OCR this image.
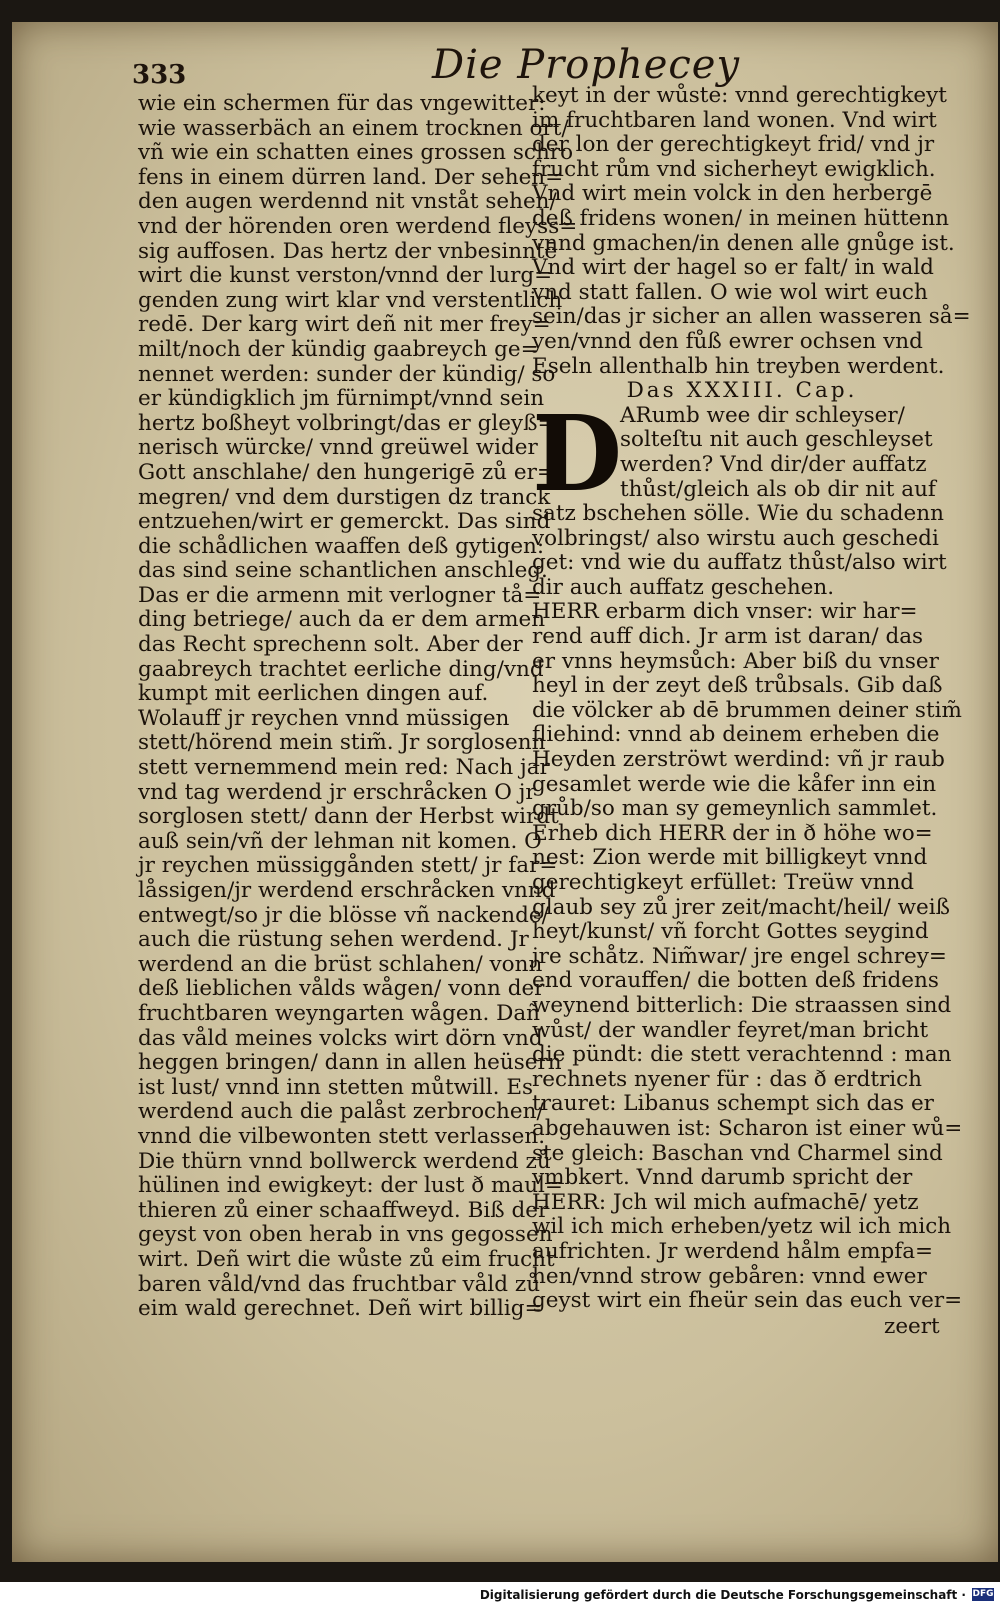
333	Die Prophecey
wie ein schermen für das vngewitter:
wie wasserbäch an einem trocknen ort/
vñ wie ein schatten eines grossen schro
fens in einem dürren land. Der sehen=
den augen werdennd nit vnståt sehen/
vnd der hörenden oren werdend fleyss=
sig auffosen. Das hertz der vnbesinntē
wirt die kunst verston/vnnd der lurg=
genden zung wirt klar vnd verstentlich
redē. Der karg wirt deñ nit mer frey=
milt/noch der kündig gaabreych ge=
nennet werden: sunder der kündig/ so
er kündigklich jm fürnimpt/vnnd sein
hertz boßheyt volbringt/das er gleyß=
nerisch würcke/ vnnd greüwel wider
Gott anschlahe/ den hungerigē zů er=
megren/ vnd dem durstigen dz tranck
entzuehen/wirt er gemerckt. Das sind
die schådlichen waaffen deß gytigen:
das sind seine schantlichen anschleg.
Das er die armenn mit verlogner tå=
ding betriege/ auch da er dem armen
das Recht sprechenn solt. Aber der
gaabreych trachtet eerliche ding/vnd
kumpt mit eerlichen dingen auf.
Wolauff jr reychen vnnd müssigen
stett/hörend mein stim̃. Jr sorglosenn
stett vernemmend mein red: Nach jar
vnd tag werdend jr erschråcken O jr
sorglosen stett/ dann der Herbst wirdt
auß sein/vñ der lehman nit komen. O
jr reychen müssiggånden stett/ jr far=
låssigen/jr werdend erschråcken vnnd
entwegt/so jr die blösse vñ nackende/
auch die rüstung sehen werdend. Jr
werdend an die brüst schlahen/ vonn
deß lieblichen vålds wågen/ vonn der
fruchtbaren weyngarten wågen. Dañ
das våld meines volcks wirt dörn vnd
heggen bringen/ dann in allen heüsern
ist lust/ vnnd inn stetten můtwill. Es
werdend auch die palåst zerbrochen/
vnnd die vilbewonten stett verlassen.
Die thürn vnnd bollwerck werdend zů
hülinen ind ewigkeyt: der lust ð maul=
thieren zů einer schaaffweyd. Biß der
geyst von oben herab in vns gegossen
wirt. Deñ wirt die wůste zů eim frucht
baren våld/vnd das fruchtbar våld zů
eim wald gerechnet. Deñ wirt billig=
keyt in der wůste: vnnd gerechtigkeyt
im fruchtbaren land wonen. Vnd wirt
der lon der gerechtigkeyt frid/ vnd jr
frucht rům vnd sicherheyt ewigklich.
Vnd wirt mein volck in den herbergē
deß fridens wonen/ in meinen hüttenn
vnnd gmachen/in denen alle gnůge ist.
Vnd wirt der hagel so er falt/ in wald
vnd statt fallen. O wie wol wirt euch
sein/das jr sicher an allen wasseren så=
yen/vnnd den fůß ewrer ochsen vnd
Eseln allenthalb hin treyben werdent.
Das XXXIII. Cap.
D
ARumb wee dir schleyser/
solteſtu nit auch geschleyset
werden? Vnd dir/der auffatz
thůst/gleich als ob dir nit auf
satz bschehen sölle. Wie du schadenn
volbringst/ also wirstu auch geschedi
get: vnd wie du auffatz thůst/also wirt
dir auch auffatz geschehen.
HERR erbarm dich vnser: wir har=
rend auff dich. Jr arm ist daran/ das
er vnns heymsůch: Aber biß du vnser
heyl in der zeyt deß trůbsals. Gib daß
die völcker ab dē brummen deiner stim̃
fliehind: vnnd ab deinem erheben die
Heyden zerströwt werdind: vñ jr raub
gesamlet werde wie die kåfer inn ein
grůb/so man sy gemeynlich sammlet.
Erheb dich HERR der in ð höhe wo=
nest: Zion werde mit billigkeyt vnnd
gerechtigkeyt erfüllet: Treüw vnnd
glaub sey zů jrer zeit/macht/heil/ weiß
heyt/kunst/ vñ forcht Gottes seygind
jre schåtz. Nim̃war/ jre engel schrey=
end vorauffen/ die botten deß fridens
weynend bitterlich: Die straassen sind
wůst/ der wandler feyret/man bricht
die pündt: die stett verachtennd : man
rechnets nyener für : das ð erdtrich
trauret: Libanus schempt sich das er
abgehauwen ist: Scharon ist einer wů=
ste gleich: Baschan vnd Charmel sind
vmbkert. Vnnd darumb spricht der
HERR: Jch wil mich aufmachē/ yetz
wil ich mich erheben/yetz wil ich mich
aufrichten. Jr werdend hålm empfa=
hen/vnnd strow gebåren: vnnd ewer
geyst wirt ein fheür sein das euch ver=
zeert
Digitalisierung gefördert durch die Deutsche Forschungsgemeinschaft · DFG
